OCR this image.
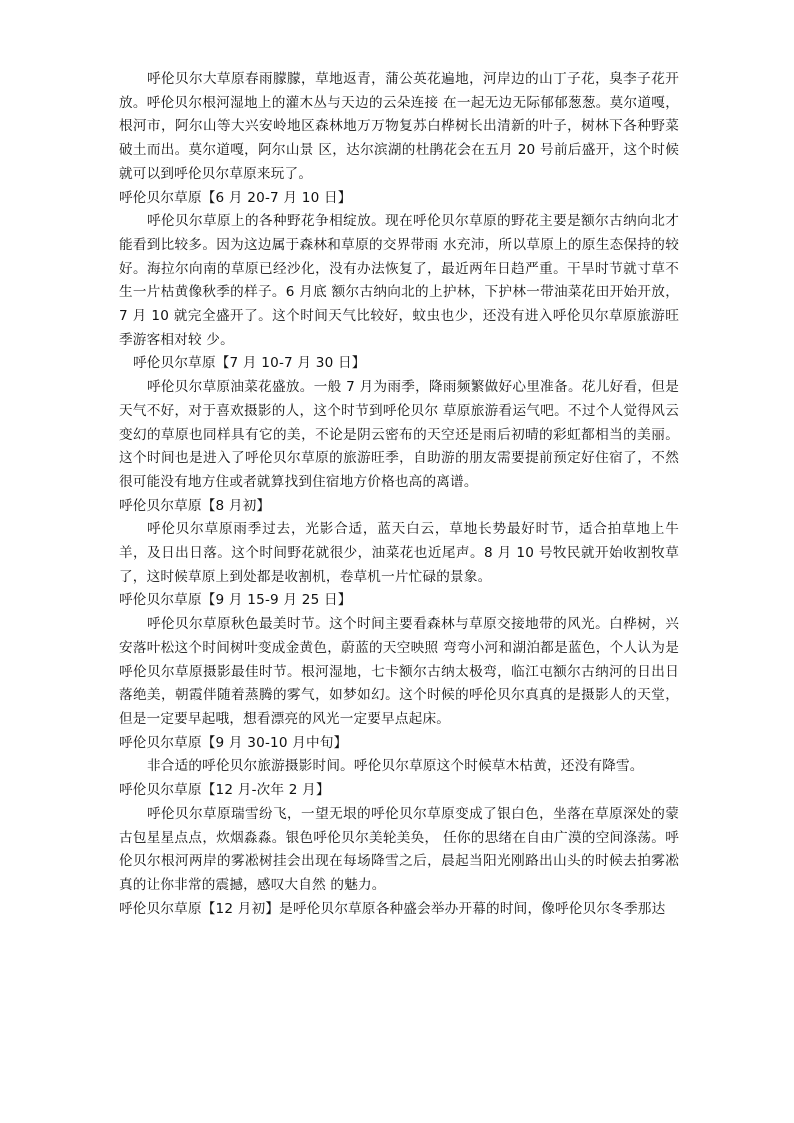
呼伦贝尔大草原春雨朦朦，草地返青，蒲公英花遍地，河岸边的山丁子花，臭李子花开放。呼伦贝尔根河湿地上的灌木丛与天边的云朵连接 在一起无边无际郁郁葱葱。莫尔道嘎，根河市，阿尔山等大兴安岭地区森林地万万物复苏白桦树长出清新的叶子，树林下各种野菜破土而出。莫尔道嘎，阿尔山景 区，达尔滨湖的杜鹃花会在五月 20 号前后盛开，这个时候就可以到呼伦贝尔草原来玩了。

呼伦贝尔草原【6 月 20-7 月 10 日】

呼伦贝尔草原上的各种野花争相绽放。现在呼伦贝尔草原的野花主要是额尔古纳向北才能看到比较多。因为这边属于森林和草原的交界带雨 水充沛，所以草原上的原生态保持的较好。海拉尔向南的草原已经沙化，没有办法恢复了，最近两年日趋严重。干旱时节就寸草不生一片枯黄像秋季的样子。6 月底 额尔古纳向北的上护林，下护林一带油菜花田开始开放，7 月 10 就完全盛开了。这个时间天气比较好，蚊虫也少，还没有进入呼伦贝尔草原旅游旺季游客相对较 少。

呼伦贝尔草原【7 月 10-7 月 30 日】

呼伦贝尔草原油菜花盛放。一般 7 月为雨季，降雨频繁做好心里准备。花儿好看，但是天气不好，对于喜欢摄影的人，这个时节到呼伦贝尔 草原旅游看运气吧。不过个人觉得风云变幻的草原也同样具有它的美，不论是阴云密布的天空还是雨后初晴的彩虹都相当的美丽。这个时间也是进入了呼伦贝尔草原的旅游旺季，自助游的朋友需要提前预定好住宿了，不然很可能没有地方住或者就算找到住宿地方价格也高的离谱。

呼伦贝尔草原【8 月初】

呼伦贝尔草原雨季过去，光影合适，蓝天白云，草地长势最好时节，适合拍草地上牛羊，及日出日落。这个时间野花就很少，油菜花也近尾声。8 月 10 号牧民就开始收割牧草了，这时候草原上到处都是收割机，卷草机一片忙碌的景象。

呼伦贝尔草原【9 月 15-9 月 25 日】

呼伦贝尔草原秋色最美时节。这个时间主要看森林与草原交接地带的风光。白桦树，兴安落叶松这个时间树叶变成金黄色，蔚蓝的天空映照 弯弯小河和湖泊都是蓝色，个人认为是呼伦贝尔草原摄影最佳时节。根河湿地，七卡额尔古纳太极弯，临江屯额尔古纳河的日出日落绝美，朝霞伴随着蒸腾的雾气，如梦如幻。这个时候的呼伦贝尔真真的是摄影人的天堂，但是一定要早起哦，想看漂亮的风光一定要早点起床。

呼伦贝尔草原【9 月 30-10 月中旬】

非合适的呼伦贝尔旅游摄影时间。呼伦贝尔草原这个时候草木枯黄，还没有降雪。

呼伦贝尔草原【12 月-次年 2 月】

呼伦贝尔草原瑞雪纷飞，一望无垠的呼伦贝尔草原变成了银白色，坐落在草原深处的蒙古包星星点点，炊烟淼淼。银色呼伦贝尔美轮美奂， 任你的思绪在自由广漠的空间涤荡。呼伦贝尔根河两岸的雾凇树挂会出现在每场降雪之后，晨起当阳光刚路出山头的时候去拍雾凇真的让你非常的震撼，感叹大自然 的魅力。

呼伦贝尔草原【12 月初】是呼伦贝尔草原各种盛会举办开幕的时间，像呼伦贝尔冬季那达
